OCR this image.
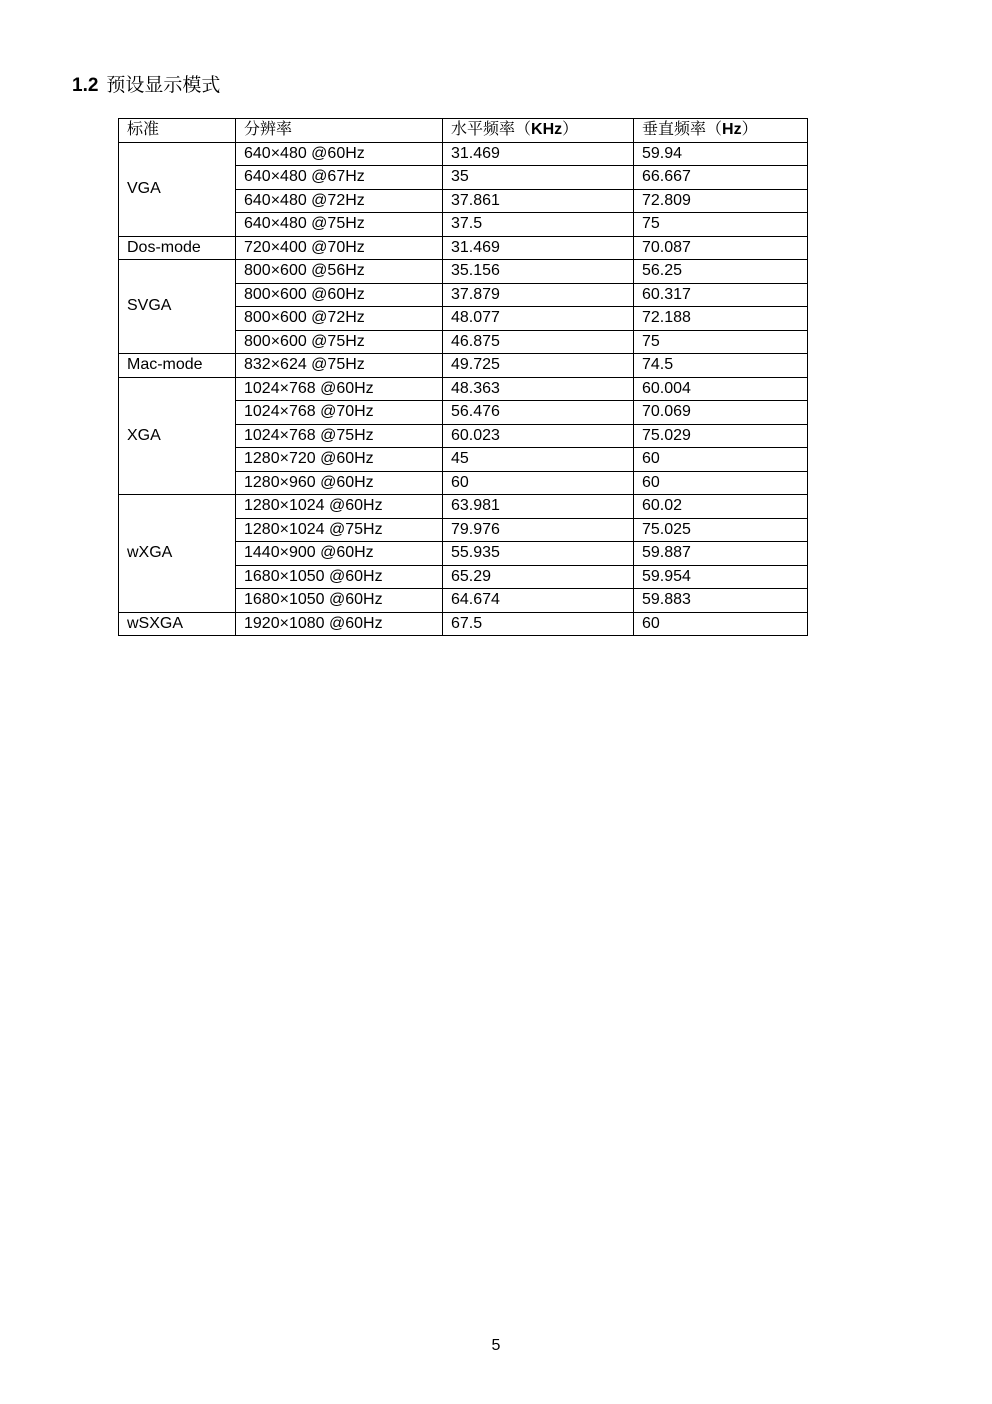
1.2 预设显示模式
标准	分辨率	水平频率（KHz）	垂直频率（Hz）
VGA	640×480 @60Hz	31.469	59.94
	640×480 @67Hz	35	66.667
	640×480 @72Hz	37.861	72.809
	640×480 @75Hz	37.5	75
Dos-mode	720×400 @70Hz	31.469	70.087
SVGA	800×600 @56Hz	35.156	56.25
	800×600 @60Hz	37.879	60.317
	800×600 @72Hz	48.077	72.188
	800×600 @75Hz	46.875	75
Mac-mode	832×624 @75Hz	49.725	74.5
XGA	1024×768 @60Hz	48.363	60.004
	1024×768 @70Hz	56.476	70.069
	1024×768 @75Hz	60.023	75.029
	1280×720 @60Hz	45	60
	1280×960 @60Hz	60	60
wXGA	1280×1024 @60Hz	63.981	60.02
	1280×1024 @75Hz	79.976	75.025
	1440×900 @60Hz	55.935	59.887
	1680×1050 @60Hz	65.29	59.954
	1680×1050 @60Hz	64.674	59.883
wSXGA	1920×1080 @60Hz	67.5	60
5
